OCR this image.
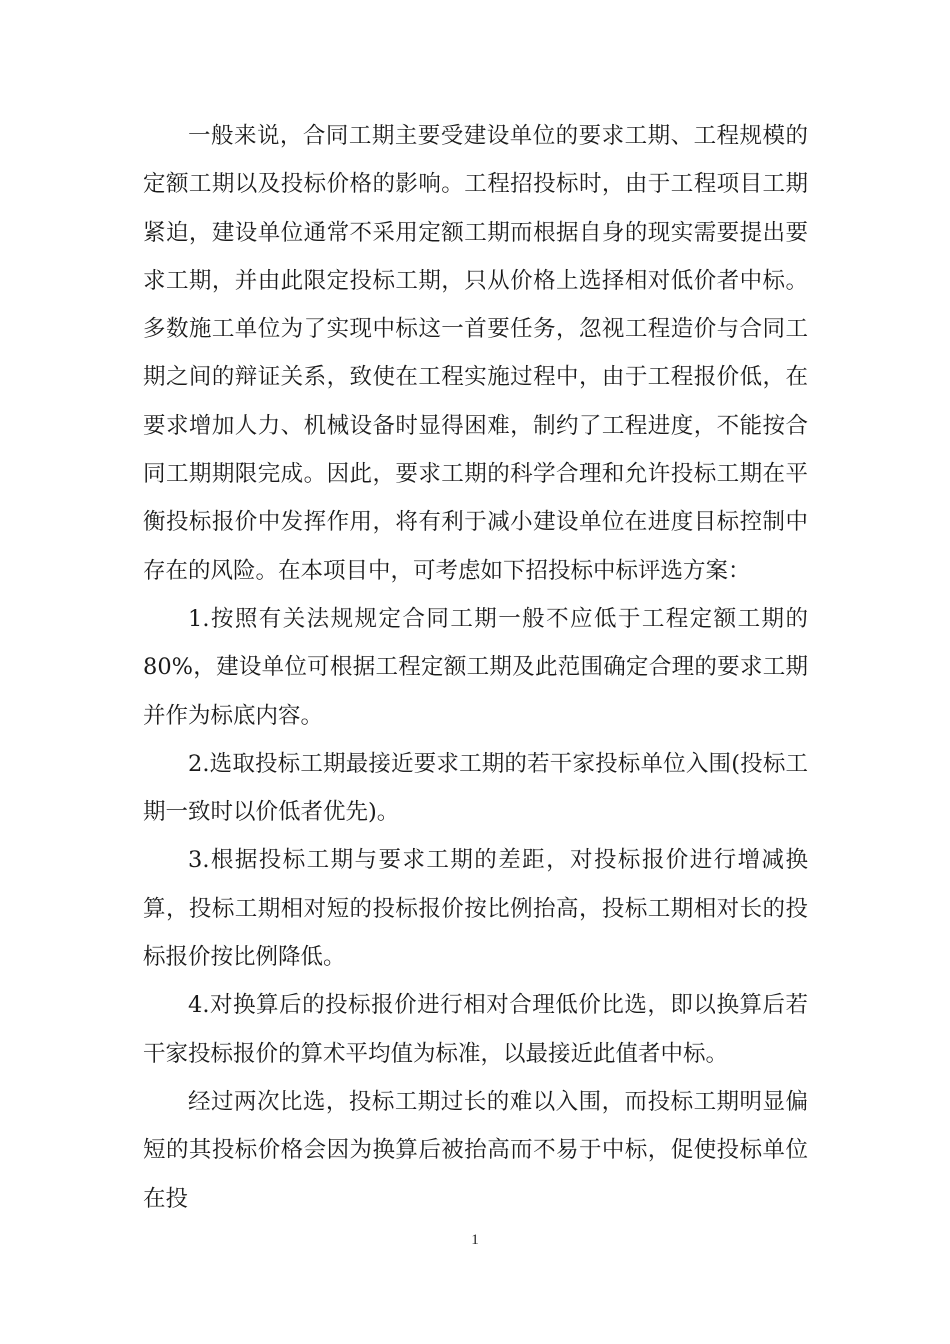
一般来说，合同工期主要受建设单位的要求工期、工程规模的定额工期以及投标价格的影响。工程招投标时，由于工程项目工期紧迫，建设单位通常不采用定额工期而根据自身的现实需要提出要求工期，并由此限定投标工期，只从价格上选择相对低价者中标。多数施工单位为了实现中标这一首要任务，忽视工程造价与合同工期之间的辩证关系，致使在工程实施过程中，由于工程报价低，在要求增加人力、机械设备时显得困难，制约了工程进度，不能按合同工期期限完成。因此，要求工期的科学合理和允许投标工期在平衡投标报价中发挥作用，将有利于减小建设单位在进度目标控制中存在的风险。在本项目中，可考虑如下招投标中标评选方案：

1.按照有关法规规定合同工期一般不应低于工程定额工期的80%，建设单位可根据工程定额工期及此范围确定合理的要求工期并作为标底内容。

2.选取投标工期最接近要求工期的若干家投标单位入围(投标工期一致时以价低者优先)。

3.根据投标工期与要求工期的差距，对投标报价进行增减换算，投标工期相对短的投标报价按比例抬高，投标工期相对长的投标报价按比例降低。

4.对换算后的投标报价进行相对合理低价比选，即以换算后若干家投标报价的算术平均值为标准，以最接近此值者中标。

经过两次比选，投标工期过长的难以入围，而投标工期明显偏短的其投标价格会因为换算后被抬高而不易于中标，促使投标单位在投

1
